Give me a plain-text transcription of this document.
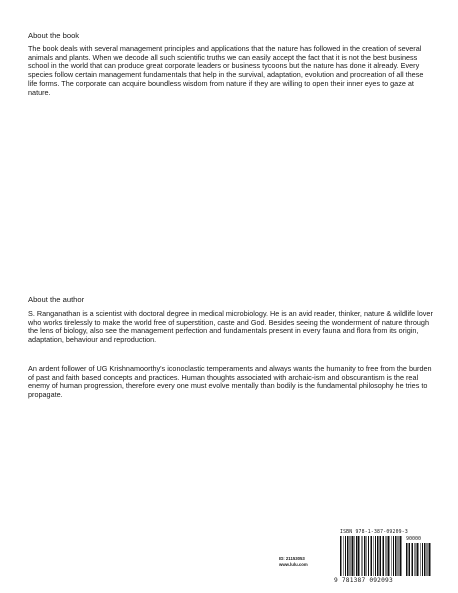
About the book

The book deals with several management principles and applications that the nature has followed in the creation of several animals and plants. When we decode all such scientific truths we can easily accept the fact that it is not the best business school in the world that can produce great corporate leaders or business tycoons but the nature has done it already. Every species follow certain management fundamentals that help in the survival, adaptation, evolution and procreation of all these life forms. The corporate can acquire boundless wisdom from nature if they are willing to open their inner eyes to gaze at nature.

About the author

S. Ranganathan is a scientist with doctoral degree in medical microbiology. He is an avid reader, thinker, nature & wildlife lover who works tirelessly to make the world free of superstition, caste and God. Besides seeing the wonderment of nature through the lens of biology, also see the management perfection and fundamentals present in every fauna and flora from its origin, adaptation, behaviour and reproduction.

An ardent follower of UG Krishnamoorthy's iconoclastic temperaments and always wants the humanity to free from the burden of past and faith based concepts and practices. Human thoughts associated with archaic-ism and obscurantism is the real enemy of human progression, therefore every one must evolve mentally than bodily is the fundamental philosophy he tries to propagate.

ISBN 978-1-387-09209-3
ID: 21153053
www.lulu.com
90000
9 781387 092093
